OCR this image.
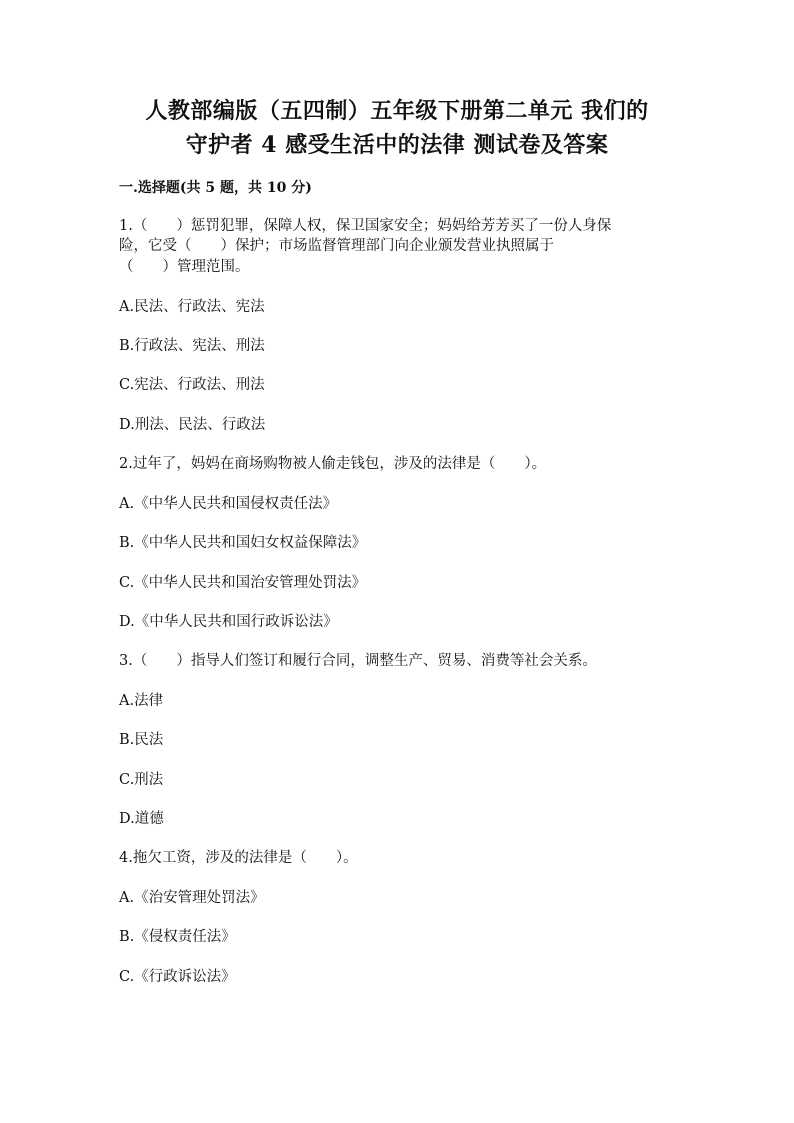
人教部编版（五四制）五年级下册第二单元 我们的
守护者 4 感受生活中的法律 测试卷及答案
一.选择题(共 5 题，共 10 分)
1.（　　）惩罚犯罪，保障人权，保卫国家安全；妈妈给芳芳买了一份人身保
险，它受（　　）保护；市场监督管理部门向企业颁发营业执照属于
（　　）管理范围。
A.民法、行政法、宪法
B.行政法、宪法、刑法
C.宪法、行政法、刑法
D.刑法、民法、行政法
2.过年了，妈妈在商场购物被人偷走钱包，涉及的法律是（　　）。
A.《中华人民共和国侵权责任法》
B.《中华人民共和国妇女权益保障法》
C.《中华人民共和国治安管理处罚法》
D.《中华人民共和国行政诉讼法》
3.（　　）指导人们签订和履行合同，调整生产、贸易、消费等社会关系。
A.法律
B.民法
C.刑法
D.道德
4.拖欠工资，涉及的法律是（　　）。
A.《治安管理处罚法》
B.《侵权责任法》
C.《行政诉讼法》
